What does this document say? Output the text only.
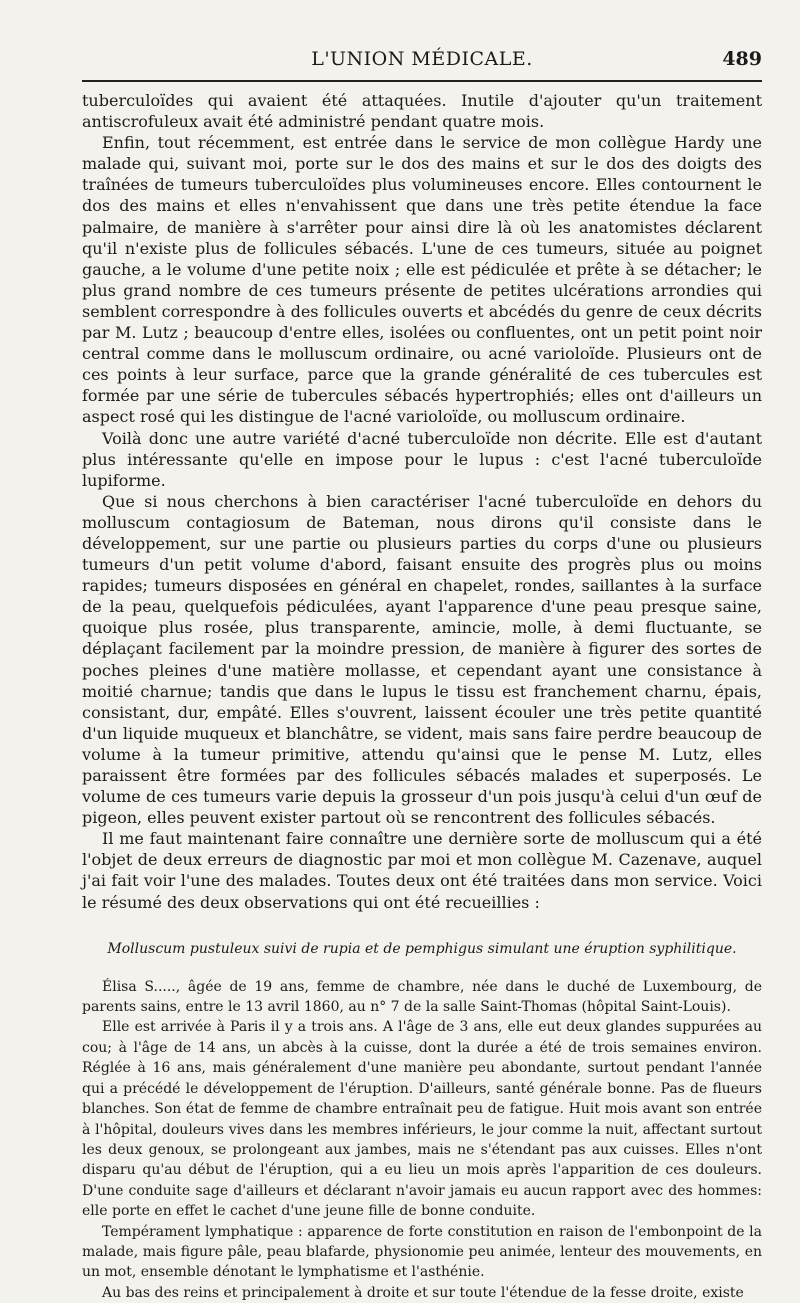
L'UNION MÉDICALE.	489

tuberculoïdes qui avaient été attaquées. Inutile d'ajouter qu'un traitement antiscrofuleux avait été administré pendant quatre mois.

Enfin, tout récemment, est entrée dans le service de mon collègue Hardy une malade qui, suivant moi, porte sur le dos des mains et sur le dos des doigts des traînées de tumeurs tuberculoïdes plus volumineuses encore. Elles contournent le dos des mains et elles n'envahissent que dans une très petite étendue la face palmaire, de manière à s'arrêter pour ainsi dire là où les anatomistes déclarent qu'il n'existe plus de follicules sébacés. L'une de ces tumeurs, située au poignet gauche, a le volume d'une petite noix ; elle est pédiculée et prête à se détacher; le plus grand nombre de ces tumeurs présente de petites ulcérations arrondies qui semblent correspondre à des follicules ouverts et abcédés du genre de ceux décrits par M. Lutz ; beaucoup d'entre elles, isolées ou confluentes, ont un petit point noir central comme dans le molluscum ordinaire, ou acné varioloïde. Plusieurs ont de ces points à leur surface, parce que la grande généralité de ces tubercules est formée par une série de tubercules sébacés hypertrophiés; elles ont d'ailleurs un aspect rosé qui les distingue de l'acné varioloïde, ou molluscum ordinaire.

Voilà donc une autre variété d'acné tuberculoïde non décrite. Elle est d'autant plus intéressante qu'elle en impose pour le lupus : c'est l'acné tuberculoïde lupiforme.

Que si nous cherchons à bien caractériser l'acné tuberculoïde en dehors du molluscum contagiosum de Bateman, nous dirons qu'il consiste dans le développement, sur une partie ou plusieurs parties du corps d'une ou plusieurs tumeurs d'un petit volume d'abord, faisant ensuite des progrès plus ou moins rapides; tumeurs disposées en général en chapelet, rondes, saillantes à la surface de la peau, quelquefois pédiculées, ayant l'apparence d'une peau presque saine, quoique plus rosée, plus transparente, amincie, molle, à demi fluctuante, se déplaçant facilement par la moindre pression, de manière à figurer des sortes de poches pleines d'une matière mollasse, et cependant ayant une consistance à moitié charnue; tandis que dans le lupus le tissu est franchement charnu, épais, consistant, dur, empâté. Elles s'ouvrent, laissent écouler une très petite quantité d'un liquide muqueux et blanchâtre, se vident, mais sans faire perdre beaucoup de volume à la tumeur primitive, attendu qu'ainsi que le pense M. Lutz, elles paraissent être formées par des follicules sébacés malades et superposés. Le volume de ces tumeurs varie depuis la grosseur d'un pois jusqu'à celui d'un œuf de pigeon, elles peuvent exister partout où se rencontrent des follicules sébacés.

Il me faut maintenant faire connaître une dernière sorte de molluscum qui a été l'objet de deux erreurs de diagnostic par moi et mon collègue M. Cazenave, auquel j'ai fait voir l'une des malades. Toutes deux ont été traitées dans mon service. Voici le résumé des deux observations qui ont été recueillies :

Molluscum pustuleux suivi de rupia et de pemphigus simulant une éruption syphilitique.

Élisa S....., âgée de 19 ans, femme de chambre, née dans le duché de Luxembourg, de parents sains, entre le 13 avril 1860, au n° 7 de la salle Saint-Thomas (hôpital Saint-Louis).

Elle est arrivée à Paris il y a trois ans. A l'âge de 3 ans, elle eut deux glandes suppurées au cou; à l'âge de 14 ans, un abcès à la cuisse, dont la durée a été de trois semaines environ. Réglée à 16 ans, mais généralement d'une manière peu abondante, surtout pendant l'année qui a précédé le développement de l'éruption. D'ailleurs, santé générale bonne. Pas de flueurs blanches. Son état de femme de chambre entraînait peu de fatigue. Huit mois avant son entrée à l'hôpital, douleurs vives dans les membres inférieurs, le jour comme la nuit, affectant surtout les deux genoux, se prolongeant aux jambes, mais ne s'étendant pas aux cuisses. Elles n'ont disparu qu'au début de l'éruption, qui a eu lieu un mois après l'apparition de ces douleurs. D'une conduite sage d'ailleurs et déclarant n'avoir jamais eu aucun rapport avec des hommes: elle porte en effet le cachet d'une jeune fille de bonne conduite.

Tempérament lymphatique : apparence de forte constitution en raison de l'embonpoint de la malade, mais figure pâle, peau blafarde, physionomie peu animée, lenteur des mouvements, en un mot, ensemble dénotant le lymphatisme et l'asthénie.

Au bas des reins et principalement à droite et sur toute l'étendue de la fesse droite, existe
